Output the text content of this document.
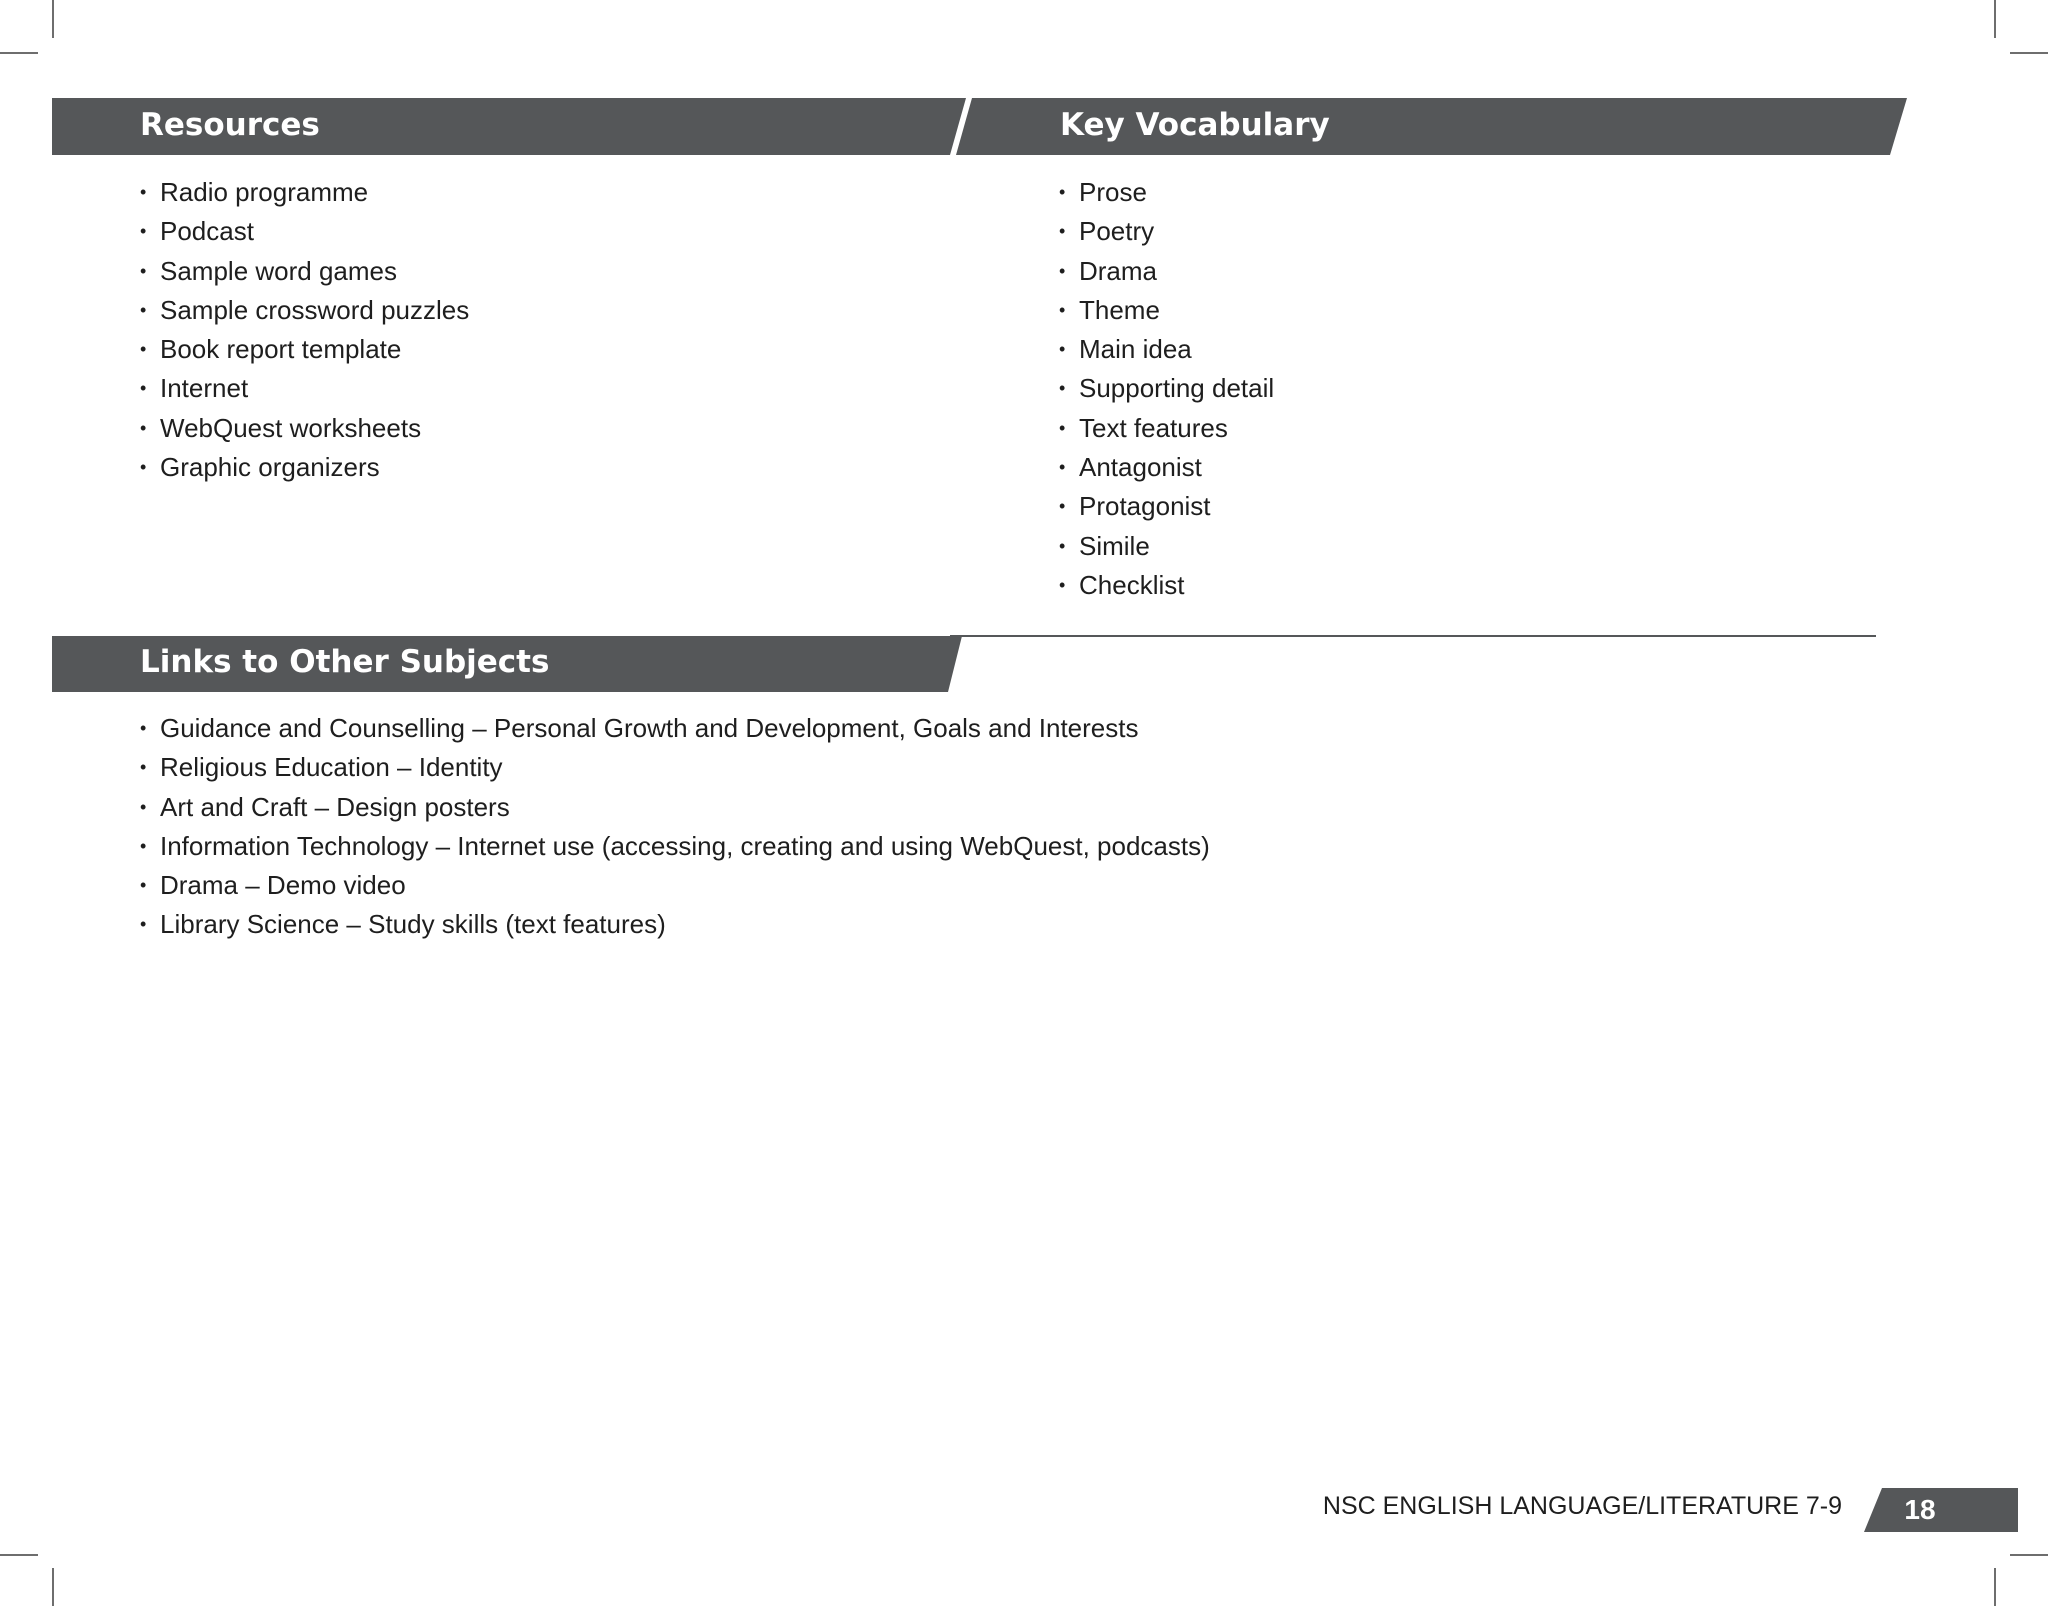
Resources
• Radio programme
• Podcast
• Sample word games
• Sample crossword puzzles
• Book report template
• Internet
• WebQuest worksheets
• Graphic organizers
Key Vocabulary
• Prose
• Poetry
• Drama
• Theme
• Main idea
• Supporting detail
• Text features
• Antagonist
• Protagonist
• Simile
• Checklist
Links to Other Subjects
• Guidance and Counselling – Personal Growth and Development, Goals and Interests
• Religious Education – Identity
• Art and Craft – Design posters
• Information Technology – Internet use (accessing, creating and using WebQuest, podcasts)
• Drama – Demo video
• Library Science – Study skills (text features)
NSC ENGLISH LANGUAGE/LITERATURE 7-9	18
